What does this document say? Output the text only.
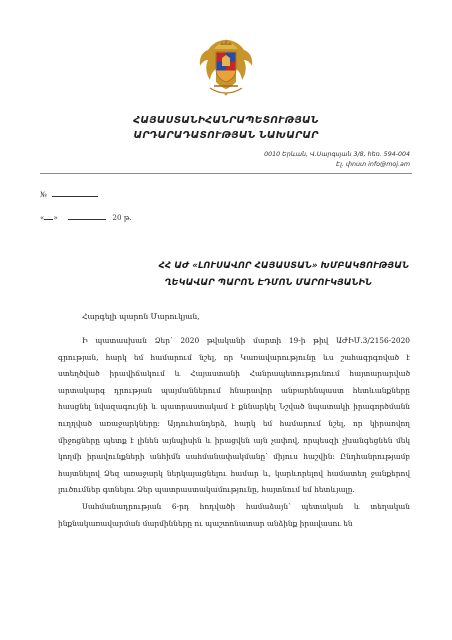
ՀԱՅԱՍՏԱՆԻՀԱՆՐԱՊԵՏՈՒԹՅԱՆ
ԱՐԴԱՐԱԴԱՏՈՒԹՅԱՆ ՆԱԽԱՐԱՐ
0010 Երևան, Վ.Սարգսյան 3/8, հեռ. 594-004
Էլ. փոստ info@moj.am
№
« »	20 թ.
ՀՀ ԱԺ «ԼՈՒՍԱՎՈՐ ՀԱՅԱՍՏԱՆ» ԽՄԲԱԿՑՈՒԹՅԱՆ
ՂԵԿԱՎԱՐ ՊԱՐՈՆ ԷԴՄՈՆ ՄԱՐՈՒԿՅԱՆԻՆ
Հարգելի պարոն Մարուկյան,

Ի պատասխան Ձեր՝ 2020 թվականի մարտի 19-ի թիվ ԱԺԻՄ.3/2156-2020 գրության, հարկ եմ համարում նշել, որ Կառավարությունը ևս շահագրգռված է ստեղծված իրավիճակում և Հայաստանի Հանրապետությունում հայտարարված արտակարգ դրության պայմաններում հնարավոր անբարենպաստ հետևանքները հասցնել նվազագույնի և պատրաստակամ է քննարկել Նշված նպատակի իրագործմանն ուղղված առաջարկները: Այդուհանդերձ, հարկ եմ համարում նշել, որ կիրառվող միջոցները պետք է լինեն այնպիսին և իրացվեն այն չափով, որպեսզի չխանգեցնեն մեկ կողմի իրավունքների անհիմն սահմանափակմանը՝ միյուս հաշվին: Ընդհանրությամբ հայտնելով Ձեզ առաջարկ ներկայացնելու համար և, կարևորելով համատեղ ջանքերով լուծումներ գտնելու Ձեր պատրաստակամությունը, հայտնում եմ հետևյալը.

Սահմանադրության 6-րդ հոդվածի համաձայն՝ պետական և տեղական ինքնակառավարման մարմինները ու պաշտոնատար անձինք իրավասու են
